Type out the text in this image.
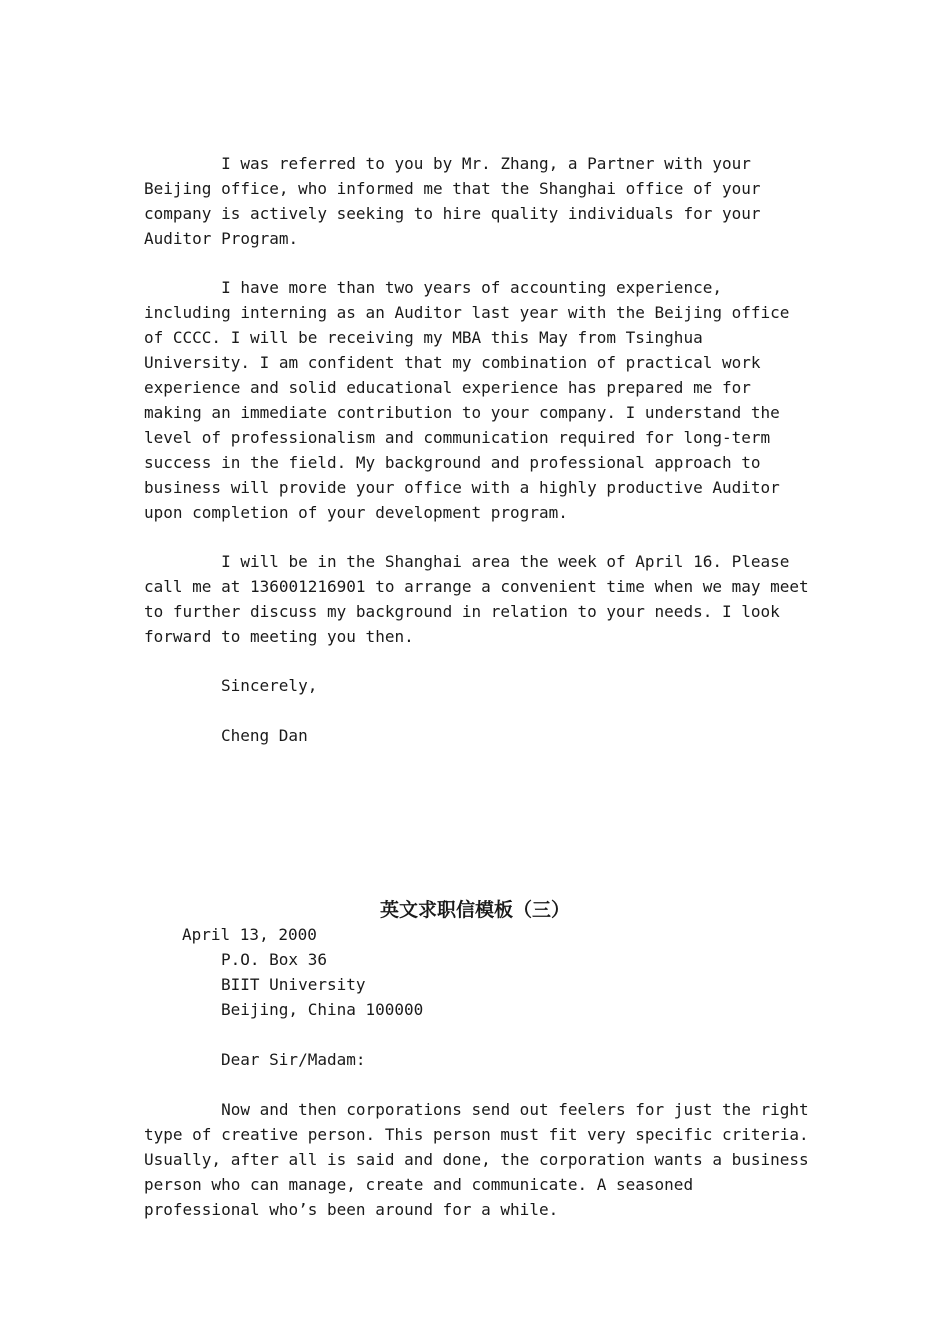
I was referred to you by Mr. Zhang, a Partner with your
Beijing office, who informed me that the Shanghai office of your
company is actively seeking to hire quality individuals for your
Auditor Program.

I have more than two years of accounting experience,
including interning as an Auditor last year with the Beijing office
of CCCC. I will be receiving my MBA this May from Tsinghua
University. I am confident that my combination of practical work
experience and solid educational experience has prepared me for
making an immediate contribution to your company. I understand the
level of professionalism and communication required for long-term
success in the field. My background and professional approach to
business will provide your office with a highly productive Auditor
upon completion of your development program.

I will be in the Shanghai area the week of April 16. Please
call me at 136001216901 to arrange a convenient time when we may meet
to further discuss my background in relation to your needs. I look
forward to meeting you then.

Sincerely,

Cheng Dan

英文求职信模板（三）

April 13, 2000

P.O. Box 36

BIIT University

Beijing, China 100000

Dear Sir/Madam:

Now and then corporations send out feelers for just the right
type of creative person. This person must fit very specific criteria.
Usually, after all is said and done, the corporation wants a business
person who can manage, create and communicate. A seasoned
professional who’s been around for a while.
